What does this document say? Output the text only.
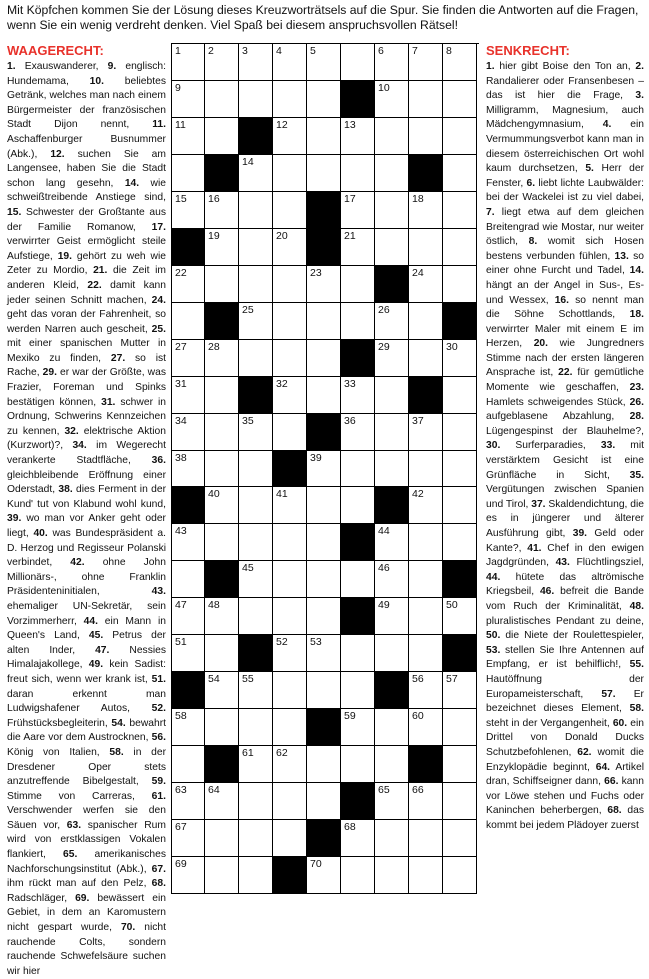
Mit Köpfchen kommen Sie der Lösung dieses Kreuzworträtsels auf die Spur. Sie finden die Antworten auf die Fragen, wenn Sie ein wenig verdreht denken. Viel Spaß bei diesem anspruchsvollen Rätsel!
WAAGERECHT:
1. Exauswanderer, 9. englisch: Hundemama, 10. beliebtes Getränk, welches man nach einem Bürgermeister der französischen Stadt Dijon nennt, 11. Aschaffenburger Busnummer (Abk.), 12. suchen Sie am Langensee, haben Sie die Stadt schon lang gesehn, 14. wie schweißtreibende Anstiege sind, 15. Schwester der Großtante aus der Familie Romanow, 17. verwirrter Geist ermöglicht steile Aufstiege, 19. gehört zu weh wie Zeter zu Mordio, 21. die Zeit im anderen Kleid, 22. damit kann jeder seinen Schnitt machen, 24. geht das voran der Fahrenheit, so werden Narren auch gescheit, 25. mit einer spanischen Mutter in Mexiko zu finden, 27. so ist Rache, 29. er war der Größte, was Frazier, Foreman und Spinks bestätigen können, 31. schwer in Ordnung, Schwerins Kennzeichen zu kennen, 32. elektrische Aktion (Kurzwort)?, 34. im Wegerecht verankerte Stadtfläche, 36. gleichbleibende Eröffnung einer Oderstadt, 38. dies Ferment in der Kund' tut von Klabund wohl kund, 39. wo man vor Anker geht oder liegt, 40. was Bundespräsident a. D. Herzog und Regisseur Polanski verbindet, 42. ohne John Millionärs-, ohne Franklin Präsidenteninitialen, 43. ehemaliger UN-Sekretär, sein Vorzimmerherr, 44. ein Mann in Queen's Land, 45. Petrus der alten Inder, 47. Nessies Himalajakollege, 49. kein Sadist: freut sich, wenn wer krank ist, 51. daran erkennt man Ludwigshafener Autos, 52. Frühstücksbegleiterin, 54. bewahrt die Aare vor dem Austrocknen, 56. König von Italien, 58. in der Dresdener Oper stets anzutreffende Bibelgestalt, 59. Stimme von Carreras, 61. Verschwender werfen sie den Säuen vor, 63. spanischer Rum wird von erstklassigen Vokalen flankiert, 65. amerikanisches Nachforschungsinstitut (Abk.), 67. ihm rückt man auf den Pelz, 68. Radschläger, 69. bewässert ein Gebiet, in dem an Karomustern nicht gespart wurde, 70. nicht rauchende Colts, sondern rauchende Schwefelsäure suchen wir hier
1	2	3	4	5	6	7	8
9	10
11	12	13
14
15 16	17	18
19	20	21
22	23	24
25	26
27 28	29	30
31	32	33
34	35	36	37
38	39
40	41	42
43	44
45	46
47 48	49	50
51	52 53
54 55	56 57
58	59	60
61 62
63 64	65 66
67	68
69	70
SENKRECHT:
1. hier gibt Boise den Ton an, 2. Randalierer oder Fransenbesen – das ist hier die Frage, 3. Milligramm, Magnesium, auch Mädchengymnasium, 4. ein Vermummungsverbot kann man in diesem österreichischen Ort wohl kaum durchsetzen, 5. Herr der Fenster, 6. liebt lichte Laubwälder: bei der Wackelei ist zu viel dabei, 7. liegt etwa auf dem gleichen Breitengrad wie Mostar, nur weiter östlich, 8. womit sich Hosen bestens verbunden fühlen, 13. so einer ohne Furcht und Tadel, 14. hängt an der Angel in Sus-, Es- und Wessex, 16. so nennt man die Söhne Schottlands, 18. verwirrter Maler mit einem E im Herzen, 20. wie Jungredners Stimme nach der ersten längeren Ansprache ist, 22. für gemütliche Momente wie geschaffen, 23. Hamlets schweigendes Stück, 26. aufgeblasene Abzahlung, 28. Lügengespinst der Blauhelme?, 30. Surferparadies, 33. mit verstärktem Gesicht ist eine Grünfläche in Sicht, 35. Vergütungen zwischen Spanien und Tirol, 37. Skaldendichtung, die es in jüngerer und älterer Ausführung gibt, 39. Geld oder Kante?, 41. Chef in den ewigen Jagdgründen, 43. Flüchtlingsziel, 44. hütete das altrömische Kriegsbeil, 46. befreit die Bande vom Ruch der Kriminalität, 48. pluralistisches Pendant zu deine, 50. die Niete der Roulettespieler, 53. stellen Sie Ihre Antennen auf Empfang, er ist behilflich!, 55. Hautöffnung der Europameisterschaft, 57. Er bezeichnet dieses Element, 58. steht in der Vergangenheit, 60. ein Drittel von Donald Ducks Schutzbefohlenen, 62. womit die Enzyklopädie beginnt, 64. Artikel dran, Schiffseigner dann, 66. kann vor Löwe stehen und Fuchs oder Kaninchen beherbergen, 68. das kommt bei jedem Plädoyer zuerst
